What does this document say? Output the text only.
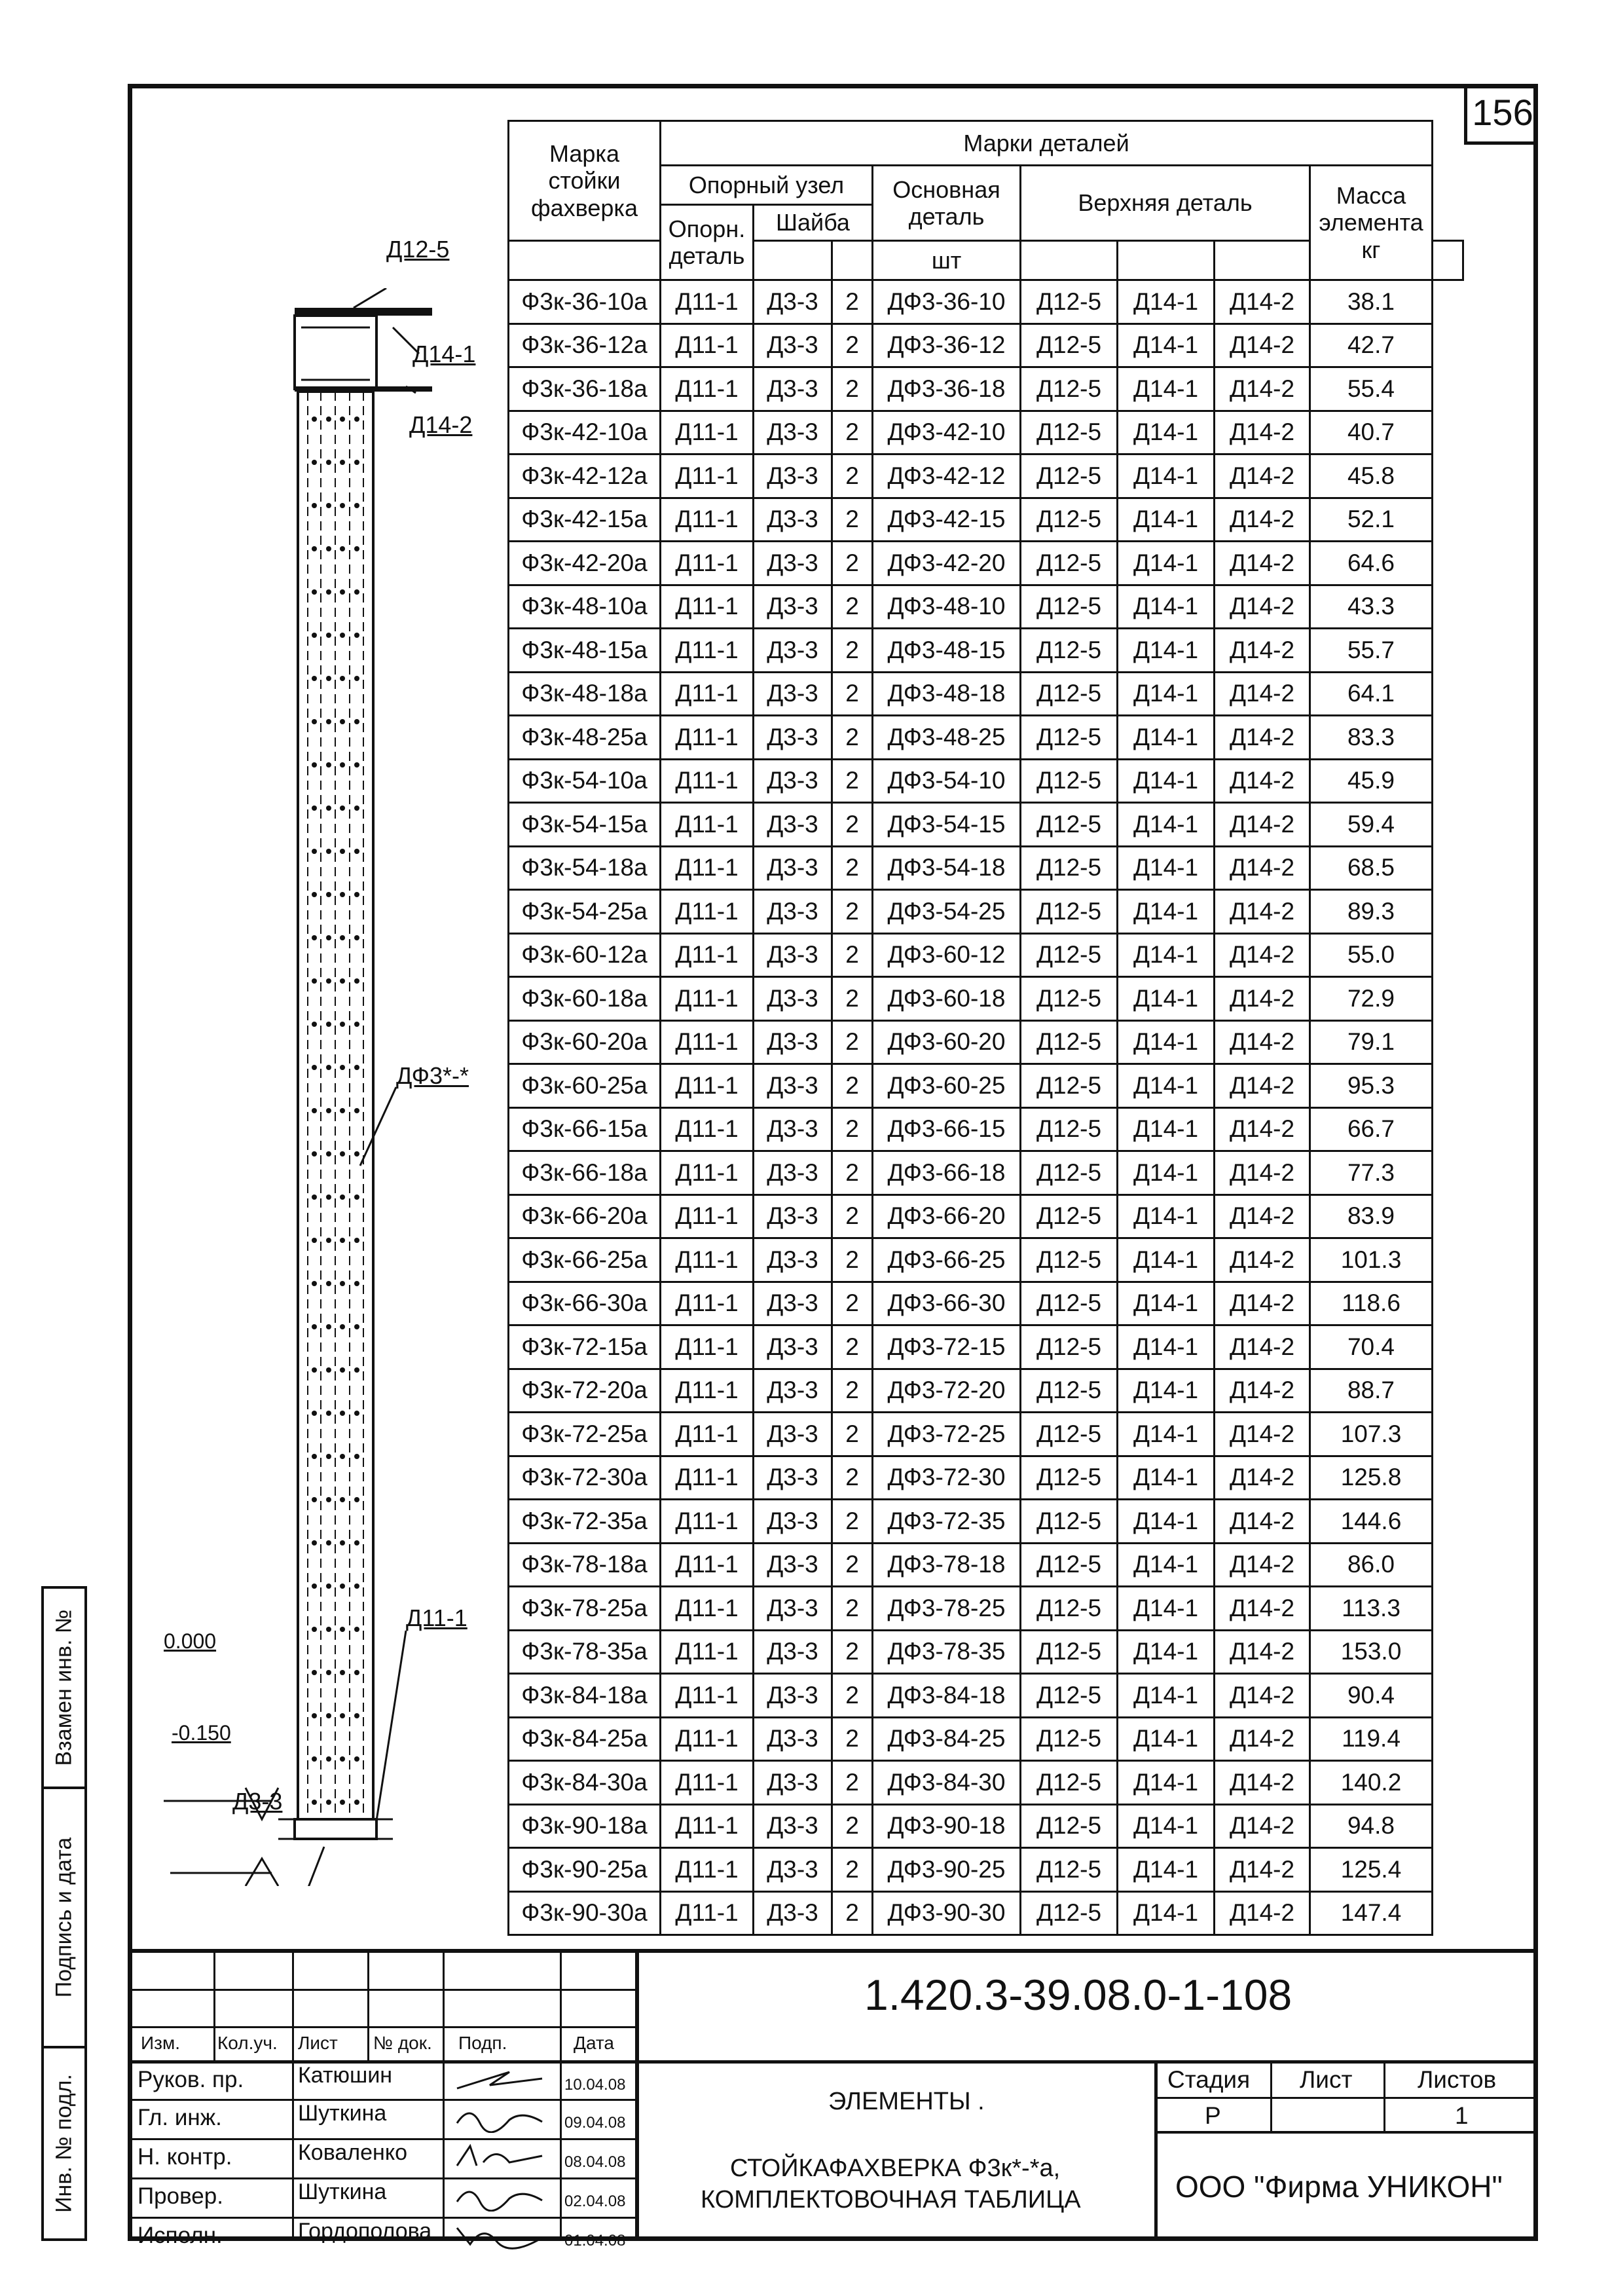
156
Марка стойки фахверка	Марки деталей								
	Опорный узел			Основная деталь	Верхняя деталь			Масса элемента кг	
	Опорн. деталь	Шайба							
				шт					
Ф3к-36-10а	Д11-1	Д3-3	2	ДФ3-36-10	Д12-5	Д14-1	Д14-2	38.1	
Ф3к-36-12а	Д11-1	Д3-3	2	ДФ3-36-12	Д12-5	Д14-1	Д14-2	42.7	
Ф3к-36-18а	Д11-1	Д3-3	2	ДФ3-36-18	Д12-5	Д14-1	Д14-2	55.4	
Ф3к-42-10а	Д11-1	Д3-3	2	ДФ3-42-10	Д12-5	Д14-1	Д14-2	40.7	
Ф3к-42-12а	Д11-1	Д3-3	2	ДФ3-42-12	Д12-5	Д14-1	Д14-2	45.8	
Ф3к-42-15а	Д11-1	Д3-3	2	ДФ3-42-15	Д12-5	Д14-1	Д14-2	52.1	
Ф3к-42-20а	Д11-1	Д3-3	2	ДФ3-42-20	Д12-5	Д14-1	Д14-2	64.6	
Ф3к-48-10а	Д11-1	Д3-3	2	ДФ3-48-10	Д12-5	Д14-1	Д14-2	43.3	
Ф3к-48-15а	Д11-1	Д3-3	2	ДФ3-48-15	Д12-5	Д14-1	Д14-2	55.7	
Ф3к-48-18а	Д11-1	Д3-3	2	ДФ3-48-18	Д12-5	Д14-1	Д14-2	64.1	
Ф3к-48-25а	Д11-1	Д3-3	2	ДФ3-48-25	Д12-5	Д14-1	Д14-2	83.3	
Ф3к-54-10а	Д11-1	Д3-3	2	ДФ3-54-10	Д12-5	Д14-1	Д14-2	45.9	
Ф3к-54-15а	Д11-1	Д3-3	2	ДФ3-54-15	Д12-5	Д14-1	Д14-2	59.4	
Ф3к-54-18а	Д11-1	Д3-3	2	ДФ3-54-18	Д12-5	Д14-1	Д14-2	68.5	
Ф3к-54-25а	Д11-1	Д3-3	2	ДФ3-54-25	Д12-5	Д14-1	Д14-2	89.3	
Ф3к-60-12а	Д11-1	Д3-3	2	ДФ3-60-12	Д12-5	Д14-1	Д14-2	55.0	
Ф3к-60-18а	Д11-1	Д3-3	2	ДФ3-60-18	Д12-5	Д14-1	Д14-2	72.9	
Ф3к-60-20а	Д11-1	Д3-3	2	ДФ3-60-20	Д12-5	Д14-1	Д14-2	79.1	
Ф3к-60-25а	Д11-1	Д3-3	2	ДФ3-60-25	Д12-5	Д14-1	Д14-2	95.3	
Ф3к-66-15а	Д11-1	Д3-3	2	ДФ3-66-15	Д12-5	Д14-1	Д14-2	66.7	
Ф3к-66-18а	Д11-1	Д3-3	2	ДФ3-66-18	Д12-5	Д14-1	Д14-2	77.3	
Ф3к-66-20а	Д11-1	Д3-3	2	ДФ3-66-20	Д12-5	Д14-1	Д14-2	83.9	
Ф3к-66-25а	Д11-1	Д3-3	2	ДФ3-66-25	Д12-5	Д14-1	Д14-2	101.3	
Ф3к-66-30а	Д11-1	Д3-3	2	ДФ3-66-30	Д12-5	Д14-1	Д14-2	118.6	
Ф3к-72-15а	Д11-1	Д3-3	2	ДФ3-72-15	Д12-5	Д14-1	Д14-2	70.4	
Ф3к-72-20а	Д11-1	Д3-3	2	ДФ3-72-20	Д12-5	Д14-1	Д14-2	88.7	
Ф3к-72-25а	Д11-1	Д3-3	2	ДФ3-72-25	Д12-5	Д14-1	Д14-2	107.3	
Ф3к-72-30а	Д11-1	Д3-3	2	ДФ3-72-30	Д12-5	Д14-1	Д14-2	125.8	
Ф3к-72-35а	Д11-1	Д3-3	2	ДФ3-72-35	Д12-5	Д14-1	Д14-2	144.6	
Ф3к-78-18а	Д11-1	Д3-3	2	ДФ3-78-18	Д12-5	Д14-1	Д14-2	86.0	
Ф3к-78-25а	Д11-1	Д3-3	2	ДФ3-78-25	Д12-5	Д14-1	Д14-2	113.3	
Ф3к-78-35а	Д11-1	Д3-3	2	ДФ3-78-35	Д12-5	Д14-1	Д14-2	153.0	
Ф3к-84-18а	Д11-1	Д3-3	2	ДФ3-84-18	Д12-5	Д14-1	Д14-2	90.4	
Ф3к-84-25а	Д11-1	Д3-3	2	ДФ3-84-25	Д12-5	Д14-1	Д14-2	119.4	
Ф3к-84-30а	Д11-1	Д3-3	2	ДФ3-84-30	Д12-5	Д14-1	Д14-2	140.2	
Ф3к-90-18а	Д11-1	Д3-3	2	ДФ3-90-18	Д12-5	Д14-1	Д14-2	94.8	
Ф3к-90-25а	Д11-1	Д3-3	2	ДФ3-90-25	Д12-5	Д14-1	Д14-2	125.4	
Ф3к-90-30а	Д11-1	Д3-3	2	ДФ3-90-30	Д12-5	Д14-1	Д14-2	147.4	
Д12-5
Д14-1
Д14-2
ДФ3*-*
Д11-1
Д3-3
0.000
-0.150
Взамен инв. №
Подпись и дата
Инв. № подл.
1.420.3-39.08.0-1-108
Изм. Кол.уч. Лист № док. Подп.	Дата
Руков. пр. Катюшин	10.04.08
Гл. инж.	Шуткина	09.04.08
Н. контр.	Коваленко	08.04.08
Провер.	Шуткина	02.04.08
Исполн.	Гордополова	01.04.08
ЭЛЕМЕНТЫ .
СТОЙКАФАХВЕРКА Ф3к*-*а,
КОМПЛЕКТОВОЧНАЯ ТАБЛИЦА
Стадия Лист	Листов
Р	1
ООО "Фирма УНИКОН"
